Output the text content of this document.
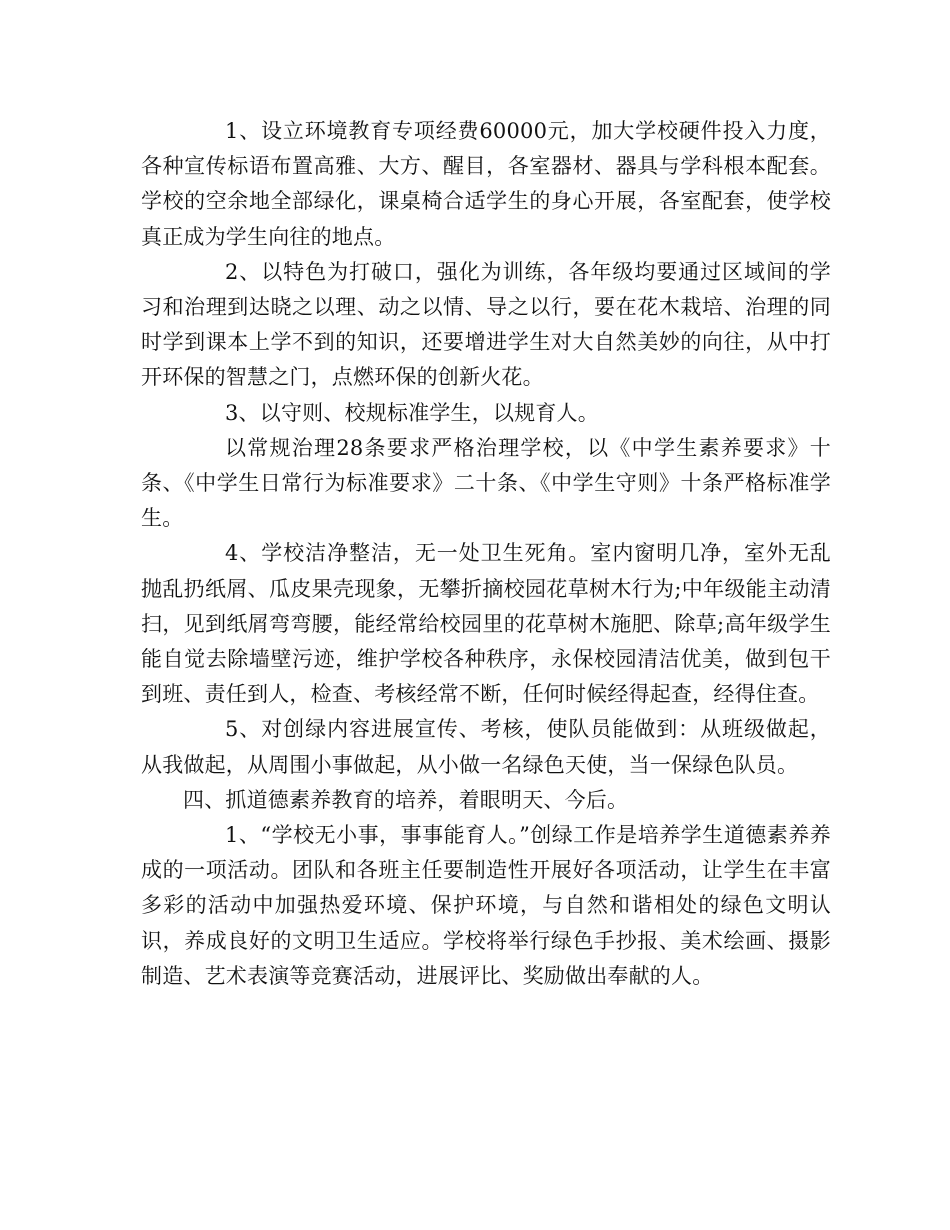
1、设立环境教育专项经费60000元，加大学校硬件投入力度，各种宣传标语布置高雅、大方、醒目，各室器材、器具与学科根本配套。学校的空余地全部绿化，课桌椅合适学生的身心开展，各室配套，使学校真正成为学生向往的地点。

2、以特色为打破口，强化为训练，各年级均要通过区域间的学习和治理到达晓之以理、动之以情、导之以行，要在花木栽培、治理的同时学到课本上学不到的知识，还要增进学生对大自然美妙的向往，从中打开环保的智慧之门，点燃环保的创新火花。

3、以守则、校规标准学生，以规育人。

以常规治理28条要求严格治理学校，以《中学生素养要求》十条、《中学生日常行为标准要求》二十条、《中学生守则》十条严格标准学生。

4、学校洁净整洁，无一处卫生死角。室内窗明几净，室外无乱抛乱扔纸屑、瓜皮果壳现象，无攀折摘校园花草树木行为;中年级能主动清扫，见到纸屑弯弯腰，能经常给校园里的花草树木施肥、除草;高年级学生能自觉去除墙壁污迹，维护学校各种秩序，永保校园清洁优美，做到包干到班、责任到人，检查、考核经常不断，任何时候经得起查，经得住查。

5、对创绿内容进展宣传、考核，使队员能做到：从班级做起，从我做起，从周围小事做起，从小做一名绿色天使，当一保绿色队员。

四、抓道德素养教育的培养，着眼明天、今后。

1、“学校无小事，事事能育人。”创绿工作是培养学生道德素养养成的一项活动。团队和各班主任要制造性开展好各项活动，让学生在丰富多彩的活动中加强热爱环境、保护环境，与自然和谐相处的绿色文明认识，养成良好的文明卫生适应。学校将举行绿色手抄报、美术绘画、摄影制造、艺术表演等竞赛活动，进展评比、奖励做出奉献的人。
